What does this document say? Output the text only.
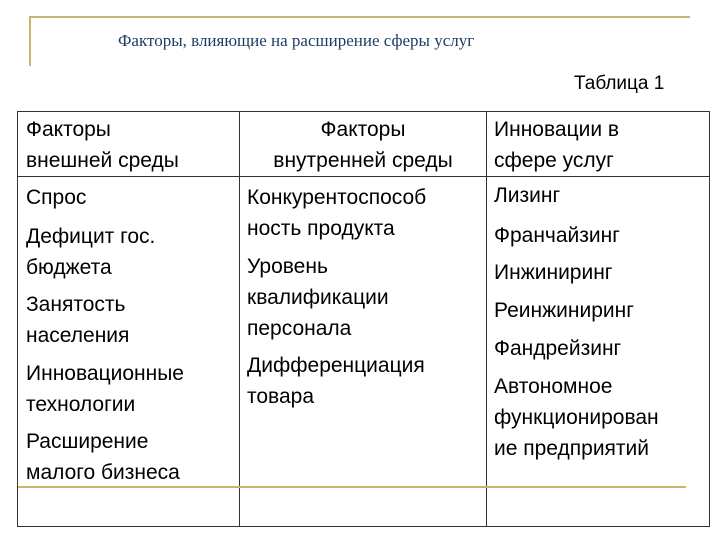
Факторы, влияющие на расширение сферы услуг
Таблица 1
Факторы
внешней среды
Факторы
внутренней среды
Инновации в
сфере услуг
Спрос
Дефицит гос.
бюджета
Занятость
населения
Инновационные
технологии
Расширение
малого бизнеса
Конкурентоспособ
ность продукта
Уровень
квалификации
персонала
Дифференциация
товара
Лизинг
Франчайзинг
Инжиниринг
Реинжиниринг
Фандрейзинг
Автономное
функционирован
ие предприятий
